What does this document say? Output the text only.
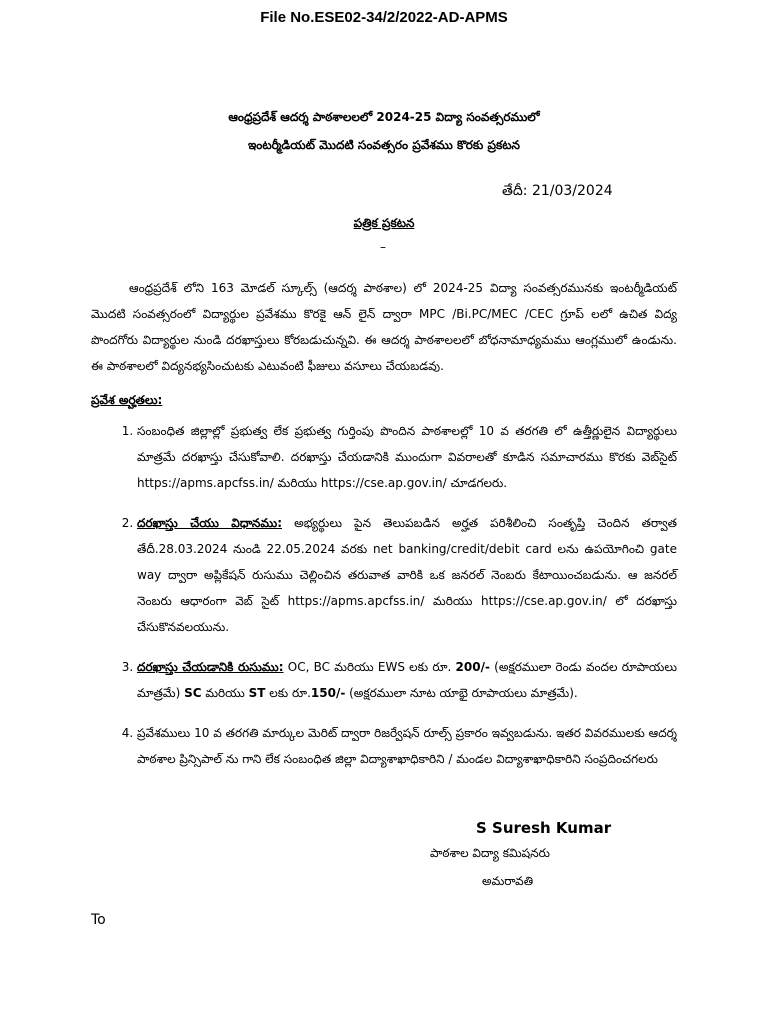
File No.ESE02-34/2/2022-AD-APMS
ఆంధ్రప్రదేశ్ ఆదర్శ పాఠశాలలలో 2024-25 విద్యా సంవత్సరములో
ఇంటర్మీడియట్ మొదటి సంవత్సరం ప్రవేశము కొరకు ప్రకటన
తేదీ: 21/03/2024
పత్రిక ప్రకటన
–
ఆంధ్రప్రదేశ్ లోని 163 మోడల్ స్కూల్స్ (ఆదర్శ పాఠశాల) లో 2024-25 విద్యా సంవత్సరమునకు ఇంటర్మీడియట్ మొదటి సంవత్సరంలో విద్యార్థుల ప్రవేశము కొరకై ఆన్ లైన్ ద్వారా MPC /Bi.PC/MEC /CEC గ్రూప్ లలో ఉచిత విద్య పొందగోరు విద్యార్థుల నుండి దరఖాస్తులు కోరబడుచున్నవి. ఈ ఆదర్శ పాఠశాలలలో బోధనామాధ్యమము ఆంగ్లములో ఉండును. ఈ పాఠశాలలో విద్యనభ్యసించుటకు ఎటువంటి ఫీజులు వసూలు చేయబడవు.
ప్రవేశ అర్హతలు:
1. సంబంధిత జిల్లాల్లో ప్రభుత్వ లేక ప్రభుత్వ గుర్తింపు పొందిన పాఠశాలల్లో 10 వ తరగతి లో ఉత్తీర్ణులైన విద్యార్థులు మాత్రమే దరఖాస్తు చేసుకోవాలి. దరఖాస్తు చేయడానికి ముందుగా వివరాలతో కూడిన సమాచారము కొరకు వెబ్‌సైట్ https://apms.apcfss.in/ మరియు https://cse.ap.gov.in/ చూడగలరు.
2. దరఖాస్తు చేయు విధానము: అభ్యర్థులు పైన తెలుపబడిన అర్హత పరిశీలించి సంతృప్తి చెందిన తర్వాత తేదీ.28.03.2024 నుండి 22.05.2024 వరకు net banking/credit/debit card లను ఉపయోగించి gate way ద్వారా అప్లికేషన్ రుసుము చెల్లించిన తరువాత వారికి ఒక జనరల్ నెంబరు కేటాయించబడును. ఆ జనరల్ నెంబరు ఆధారంగా వెబ్ సైట్ https://apms.apcfss.in/ మరియు https://cse.ap.gov.in/ లో దరఖాస్తు చేసుకొనవలయును.
3. దరఖాస్తు చేయడానికి రుసుము: OC, BC మరియు EWS లకు రూ. 200/- (అక్షరములా రెండు వందల రూపాయలు మాత్రమే) SC మరియు ST లకు రూ.150/- (అక్షరములా నూట యాభై రూపాయలు మాత్రమే).
4. ప్రవేశములు 10 వ తరగతి మార్కుల మెరిట్ ద్వారా రిజర్వేషన్ రూల్స్ ప్రకారం ఇవ్వబడును. ఇతర వివరములకు ఆదర్శ పాఠశాల ప్రిన్సిపాల్ ను గాని లేక సంబంధిత జిల్లా విద్యాశాఖాధికారిని / మండల విద్యాశాఖాధికారిని సంప్రదించగలరు
S Suresh Kumar
పాఠశాల విద్యా కమిషనరు
అమరావతి
To
